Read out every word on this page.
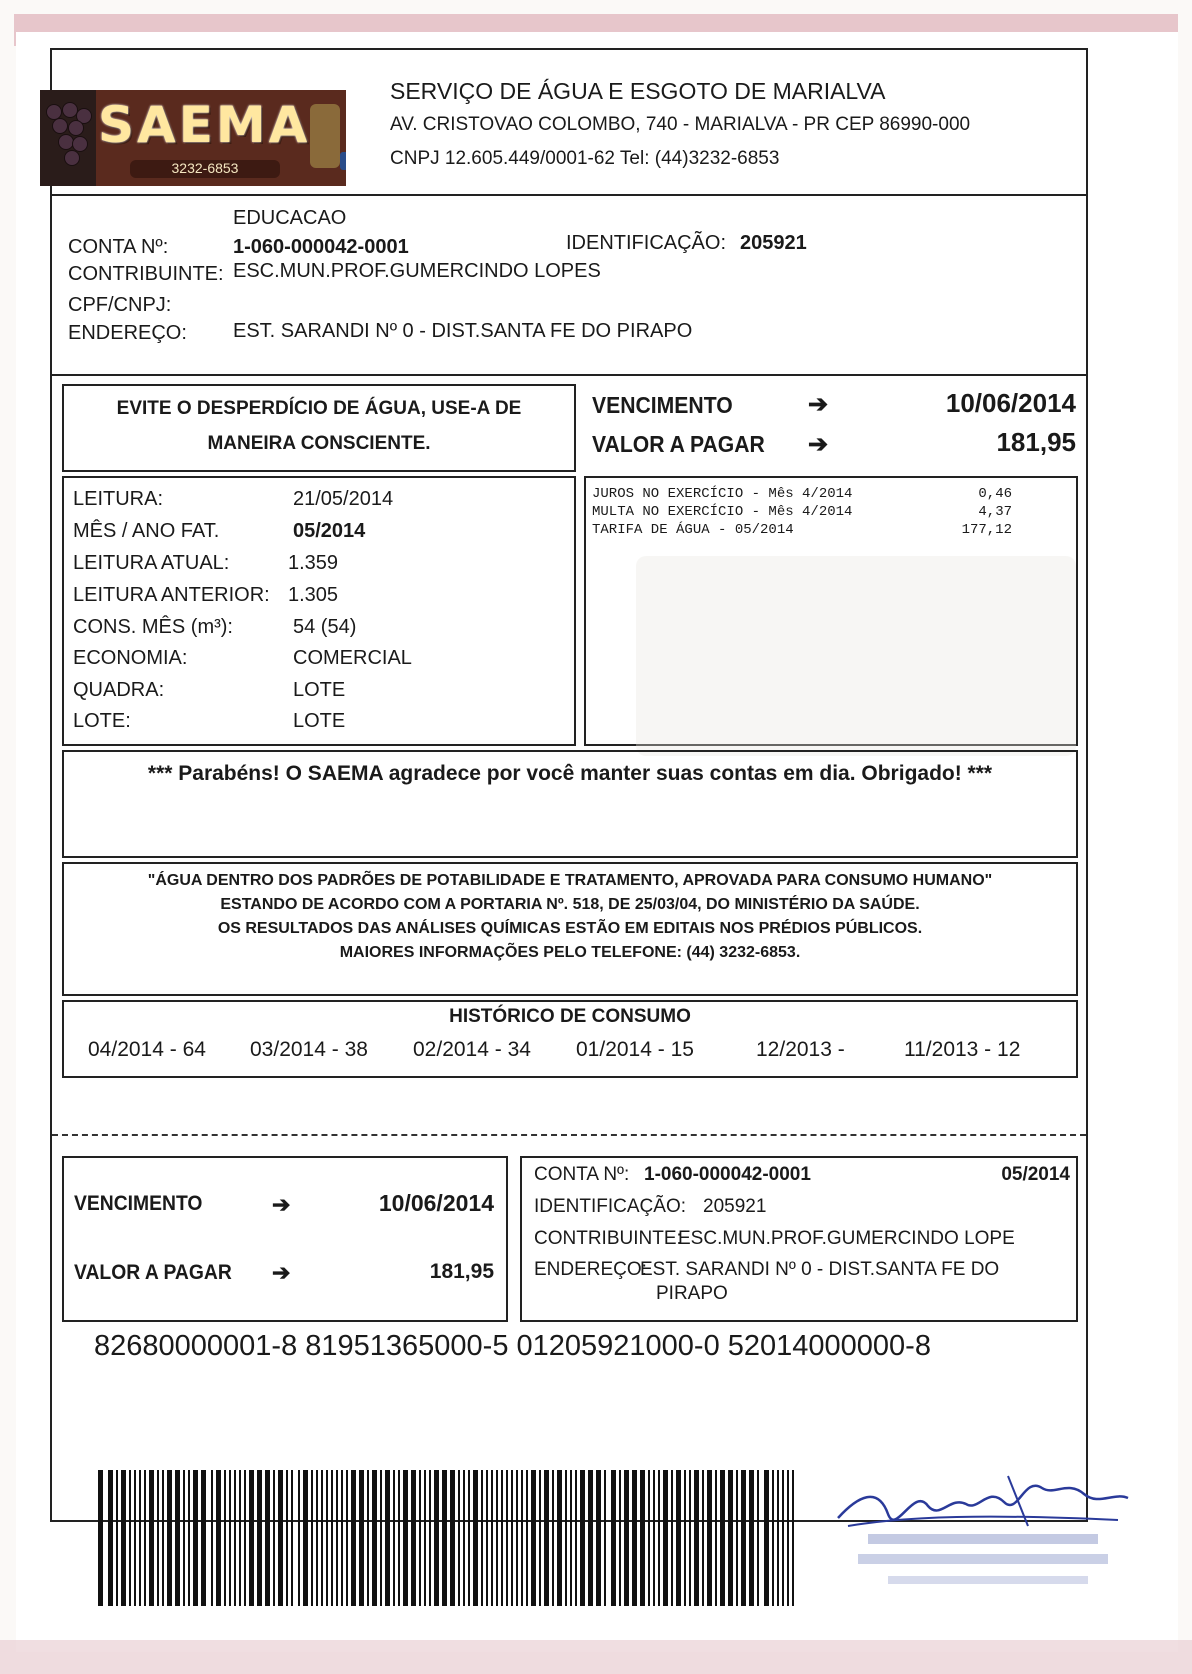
SAEMA
3232-6853
SERVIÇO DE ÁGUA E ESGOTO DE MARIALVA
AV. CRISTOVAO COLOMBO, 740 - MARIALVA - PR CEP 86990-000
CNPJ 12.605.449/0001-62 Tel: (44)3232-6853
EDUCACAO
CONTA Nº:	1-060-000042-0001	IDENTIFICAÇÃO: 205921
CONTRIBUINTE: ESC.MUN.PROF.GUMERCINDO LOPES
CPF/CNPJ:
ENDEREÇO: EST. SARANDI Nº 0 - DIST.SANTA FE DO PIRAPO
EVITE O DESPERDÍCIO DE ÁGUA, USE-A DE
MANEIRA CONSCIENTE.
VENCIMENTO	➔	10/06/2014
VALOR A PAGAR ➔	181,95
LEITURA:	21/05/2014
MÊS / ANO FAT.	05/2014
LEITURA ATUAL:	1.359
LEITURA ANTERIOR: 1.305
CONS. MÊS (m³):	54 (54)
ECONOMIA:	COMERCIAL
QUADRA:	LOTE
LOTE:	LOTE
JUROS NO EXERCÍCIO - Mês 4/2014	0,46
MULTA NO EXERCÍCIO - Mês 4/2014	4,37
TARIFA DE ÁGUA - 05/2014	177,12
*** Parabéns! O SAEMA agradece por você manter suas contas em dia. Obrigado! ***
"ÁGUA DENTRO DOS PADRÕES DE POTABILIDADE E TRATAMENTO, APROVADA PARA CONSUMO HUMANO"
ESTANDO DE ACORDO COM A PORTARIA Nº. 518, DE 25/03/04, DO MINISTÉRIO DA SAÚDE.
OS RESULTADOS DAS ANÁLISES QUÍMICAS ESTÃO EM EDITAIS NOS PRÉDIOS PÚBLICOS.
MAIORES INFORMAÇÕES PELO TELEFONE: (44) 3232-6853.
HISTÓRICO DE CONSUMO
04/2014 - 64 03/2014 - 38 02/2014 - 34 01/2014 - 15	12/2013 -	11/2013 - 12
VENCIMENTO	➔	10/06/2014
VALOR A PAGAR ➔	181,95
CONTA Nº: 1-060-000042-0001	05/2014
IDENTIFICAÇÃO: 205921
CONTRIBUINTE:
ESC.MUN.PROF.GUMERCINDO LOPE
ENDEREÇO:
EST. SARANDI Nº 0 - DIST.SANTA FE DO
PIRAPO
82680000001-8 81951365000-5 01205921000-0 52014000000-8
